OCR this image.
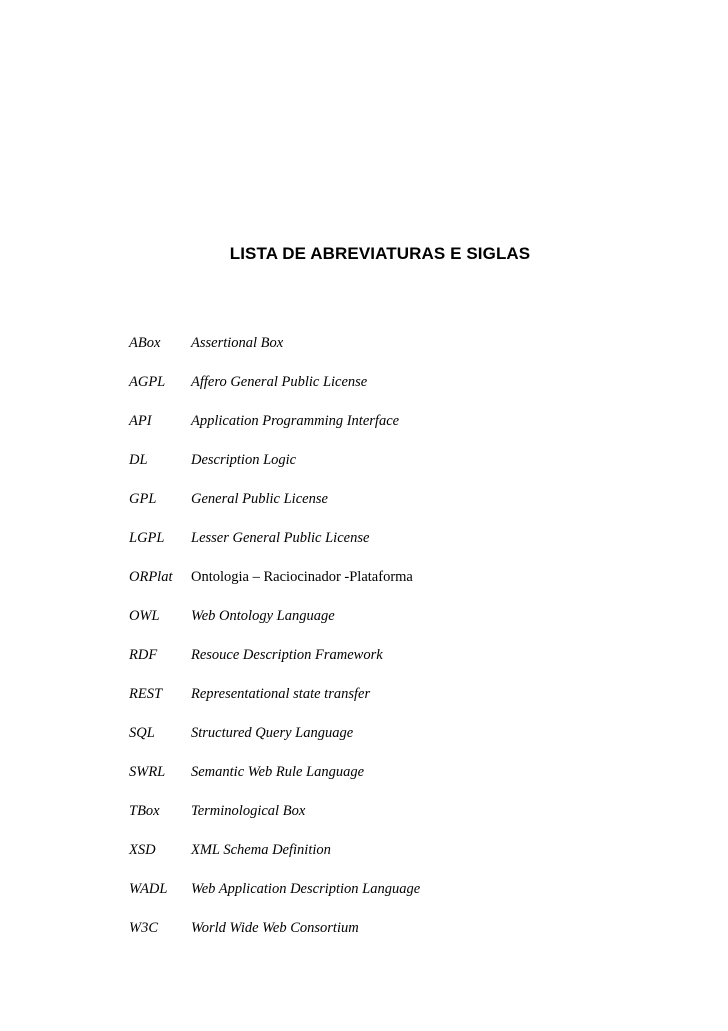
LISTA DE ABREVIATURAS E SIGLAS
ABox Assertional Box
AGPL Affero General Public License
API	Application Programming Interface
DL	Description Logic
GPL General Public License
LGPL Lesser General Public License
ORPlat Ontologia – Raciocinador -Plataforma
OWL Web Ontology Language
RDF Resouce Description Framework
REST Representational state transfer
SQL Structured Query Language
SWRL Semantic Web Rule Language
TBox Terminological Box
XSD XML Schema Definition
WADL Web Application Description Language
W3C World Wide Web Consortium
